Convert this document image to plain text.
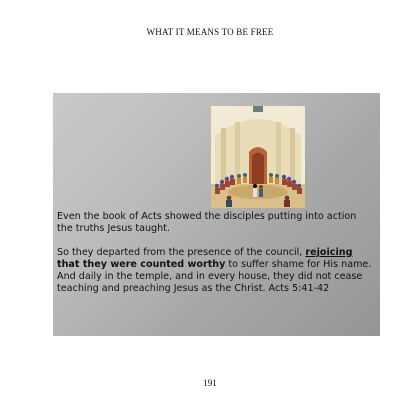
WHAT IT MEANS TO BE FREE

Even the book of Acts showed the disciples putting into action the truths Jesus taught.

So they departed from the presence of the council, rejoicing that they were counted worthy to suffer shame for His name. And daily in the temple, and in every house, they did not cease teaching and preaching Jesus as the Christ. Acts 5:41-42

191
